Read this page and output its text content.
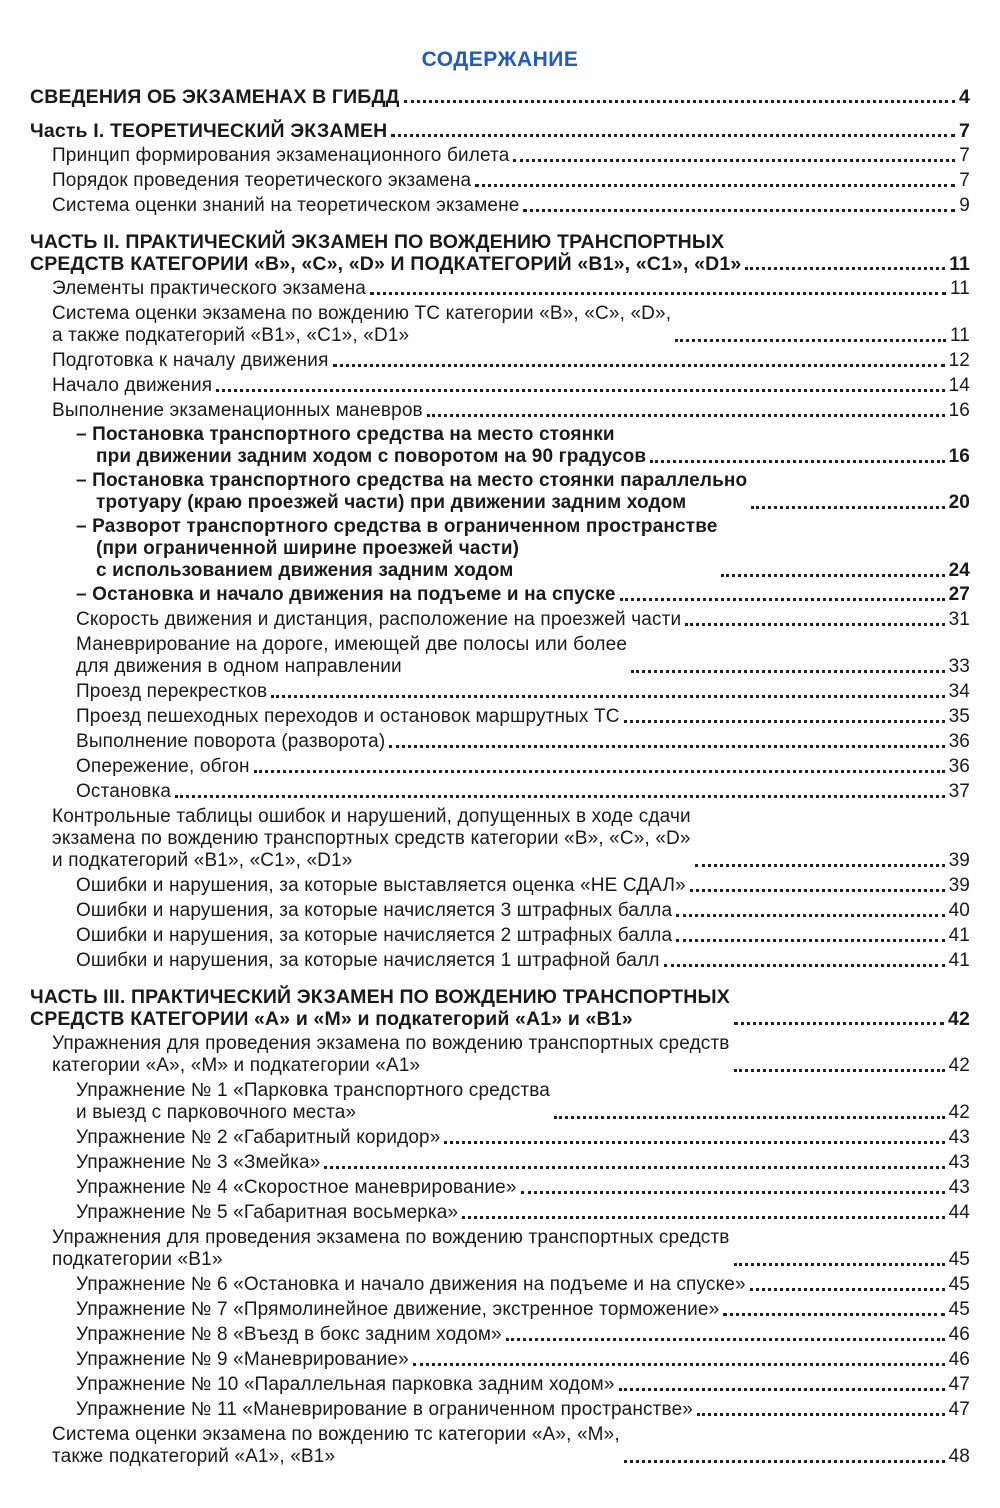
СОДЕРЖАНИЕ
СВЕДЕНИЯ ОБ ЭКЗАМЕНАХ В ГИБДД	4
Часть I. ТЕОРЕТИЧЕСКИЙ ЭКЗАМЕН	7
Принцип формирования экзаменационного билета	7
Порядок проведения теоретического экзамена	7
Система оценки знаний на теоретическом экзамене	9
ЧАСТЬ II. ПРАКТИЧЕСКИЙ ЭКЗАМЕН ПО ВОЖДЕНИЮ ТРАНСПОРТНЫХ
СРЕДСТВ КАТЕГОРИИ «В», «С», «D» И ПОДКАТЕГОРИЙ «В1», «С1», «D1»	11
Элементы практического экзамена	11
Система оценки экзамена по вождению ТС категории «В», «С», «D»,
а также подкатегорий «В1», «С1», «D1»	11
Подготовка к началу движения	12
Начало движения	14
Выполнение экзаменационных маневров	16
– Постановка транспортного средства на место стоянки
при движении задним ходом с поворотом на 90 градусов	16
– Постановка транспортного средства на место стоянки параллельно
тротуару (краю проезжей части) при движении задним ходом	20
– Разворот транспортного средства в ограниченном пространстве
(при ограниченной ширине проезжей части)
с использованием движения задним ходом	24
– Остановка и начало движения на подъеме и на спуске	27
Скорость движения и дистанция, расположение на проезжей части	31
Маневрирование на дороге, имеющей две полосы или более
для движения в одном направлении	33
Проезд перекрестков	34
Проезд пешеходных переходов и остановок маршрутных ТС	35
Выполнение поворота (разворота)	36
Опережение, обгон	36
Остановка	37
Контрольные таблицы ошибок и нарушений, допущенных в ходе сдачи
экзамена по вождению транспортных средств категории «В», «С», «D»
и подкатегорий «В1», «С1», «D1»	39
Ошибки и нарушения, за которые выставляется оценка «НЕ СДАЛ»	39
Ошибки и нарушения, за которые начисляется 3 штрафных балла	40
Ошибки и нарушения, за которые начисляется 2 штрафных балла	41
Ошибки и нарушения, за которые начисляется 1 штрафной балл	41
ЧАСТЬ III. ПРАКТИЧЕСКИЙ ЭКЗАМЕН ПО ВОЖДЕНИЮ ТРАНСПОРТНЫХ
СРЕДСТВ КАТЕГОРИИ «А» и «М» и подкатегорий «А1» и «В1»	42
Упражнения для проведения экзамена по вождению транспортных средств
категории «А», «М» и подкатегории «А1»	42
Упражнение № 1 «Парковка транспортного средства
и выезд с парковочного места»	42
Упражнение № 2 «Габаритный коридор»	43
Упражнение № 3 «Змейка»	43
Упражнение № 4 «Скоростное маневрирование»	43
Упражнение № 5 «Габаритная восьмерка»	44
Упражнения для проведения экзамена по вождению транспортных средств
подкатегории «В1»	45
Упражнение № 6 «Остановка и начало движения на подъеме и на спуске»	45
Упражнение № 7 «Прямолинейное движение, экстренное торможение»	45
Упражнение № 8 «Въезд в бокс задним ходом»	46
Упражнение № 9 «Маневрирование»	46
Упражнение № 10 «Параллельная парковка задним ходом»	47
Упражнение № 11 «Маневрирование в ограниченном пространстве»	47
Система оценки экзамена по вождению тс категории «А», «М»,
также подкатегорий «А1», «В1»	48
